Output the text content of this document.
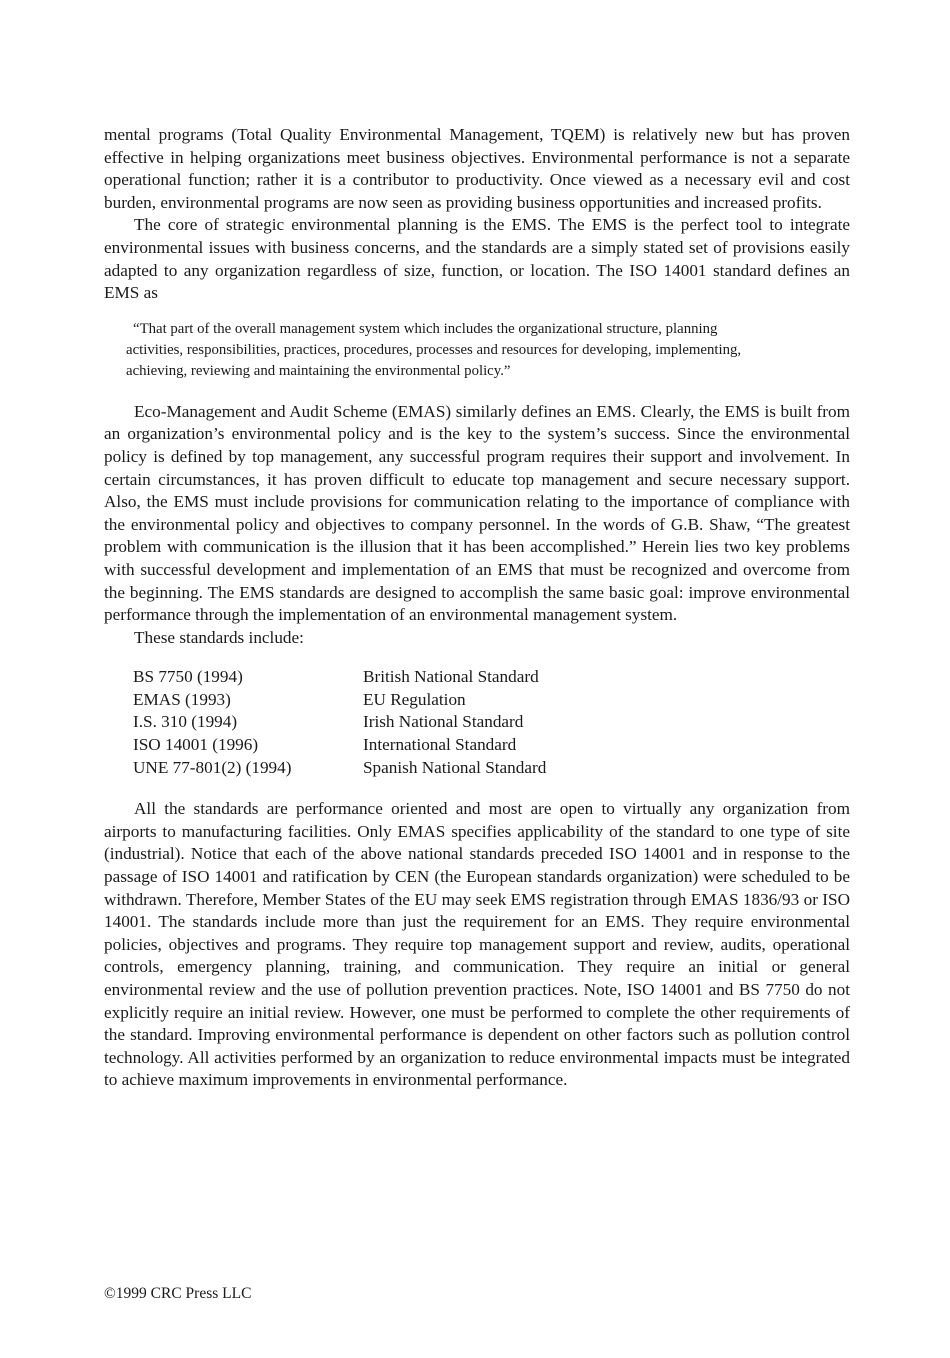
mental programs (Total Quality Environmental Management, TQEM) is relatively new but has proven effective in helping organizations meet business objectives. Environmental performance is not a separate operational function; rather it is a contributor to productivity. Once viewed as a necessary evil and cost burden, environmental programs are now seen as providing business opportunities and increased profits.

The core of strategic environmental planning is the EMS. The EMS is the perfect tool to integrate environmental issues with business concerns, and the standards are a simply stated set of provisions easily adapted to any organization regardless of size, function, or location. The ISO 14001 standard defines an EMS as

“That part of the overall management system which includes the organizational structure, planning
activities, responsibilities, practices, procedures, processes and resources for developing, implementing,
achieving, reviewing and maintaining the environmental policy.”

Eco-Management and Audit Scheme (EMAS) similarly defines an EMS. Clearly, the EMS is built from an organization’s environmental policy and is the key to the system’s success. Since the environmental policy is defined by top management, any successful program requires their support and involvement. In certain circumstances, it has proven difficult to educate top management and secure necessary support. Also, the EMS must include provisions for communication relating to the importance of compliance with the environmental policy and objectives to company personnel. In the words of G.B. Shaw, “The greatest problem with communication is the illusion that it has been accomplished.” Herein lies two key problems with successful development and implementation of an EMS that must be recognized and overcome from the beginning. The EMS standards are designed to accomplish the same basic goal: improve environmental performance through the implementation of an environmental management system.

These standards include:

BS 7750 (1994)	British National Standard
EMAS (1993)	EU Regulation
I.S. 310 (1994)	Irish National Standard
ISO 14001 (1996)	International Standard
UNE 77-801(2) (1994)	Spanish National Standard

All the standards are performance oriented and most are open to virtually any organization from airports to manufacturing facilities. Only EMAS specifies applicability of the standard to one type of site (industrial). Notice that each of the above national standards preceded ISO 14001 and in response to the passage of ISO 14001 and ratification by CEN (the European standards organization) were scheduled to be withdrawn. Therefore, Member States of the EU may seek EMS registration through EMAS 1836/93 or ISO 14001. The standards include more than just the requirement for an EMS. They require environmental policies, objectives and programs. They require top management support and review, audits, operational controls, emergency planning, training, and communication. They require an initial or general environmental review and the use of pollution prevention practices. Note, ISO 14001 and BS 7750 do not explicitly require an initial review. However, one must be performed to complete the other requirements of the standard. Improving environmental performance is dependent on other factors such as pollution control technology. All activities performed by an organization to reduce environmental impacts must be integrated to achieve maximum improvements in environmental performance.

©1999 CRC Press LLC
